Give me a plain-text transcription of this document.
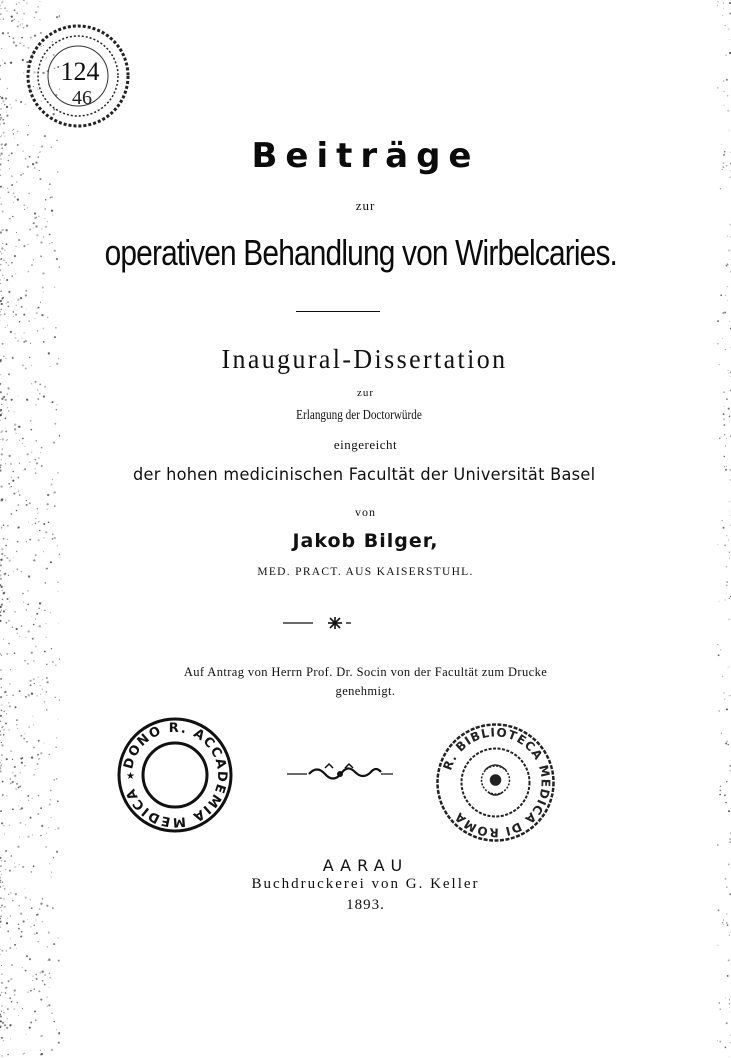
124
46
Beiträge
zur
operativen Behandlung von Wirbelcaries.
Inaugural-Dissertation
zur
Erlangung der Doctorwürde
eingereicht
der hohen medicinischen Facultät der Universität Basel
von
Jakob Bilger,
MED. PRACT. AUS KAISERSTUHL.
Auf Antrag von Herrn Prof. Dr. Socin von der Facultät zum Drucke
genehmigt.
DONO R. ACCADEMIA MEDICA
★
R. BIBLIOTECA MEDICA DI ROMA
AARAU
Buchdruckerei von G. Keller
1893.
